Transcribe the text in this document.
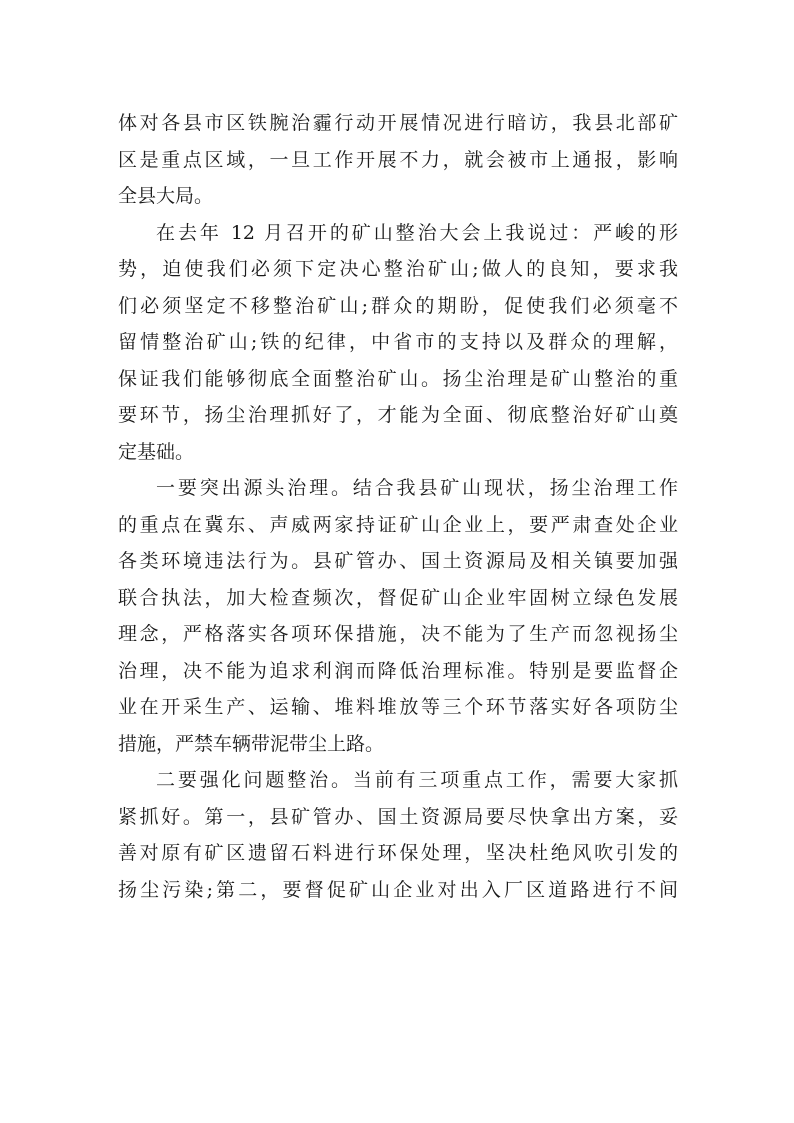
体对各县市区铁腕治霾行动开展情况进行暗访，我县北部矿
区是重点区域，一旦工作开展不力，就会被市上通报，影响
全县大局。
在去年 12 月召开的矿山整治大会上我说过：严峻的形
势，迫使我们必须下定决心整治矿山;做人的良知，要求我
们必须坚定不移整治矿山;群众的期盼，促使我们必须毫不
留情整治矿山;铁的纪律，中省市的支持以及群众的理解，
保证我们能够彻底全面整治矿山。扬尘治理是矿山整治的重
要环节，扬尘治理抓好了，才能为全面、彻底整治好矿山奠
定基础。
一要突出源头治理。结合我县矿山现状，扬尘治理工作
的重点在冀东、声威两家持证矿山企业上，要严肃查处企业
各类环境违法行为。县矿管办、国土资源局及相关镇要加强
联合执法，加大检查频次，督促矿山企业牢固树立绿色发展
理念，严格落实各项环保措施，决不能为了生产而忽视扬尘
治理，决不能为追求利润而降低治理标准。特别是要监督企
业在开采生产、运输、堆料堆放等三个环节落实好各项防尘
措施，严禁车辆带泥带尘上路。
二要强化问题整治。当前有三项重点工作，需要大家抓
紧抓好。第一，县矿管办、国土资源局要尽快拿出方案，妥
善对原有矿区遗留石料进行环保处理，坚决杜绝风吹引发的
扬尘污染;第二，要督促矿山企业对出入厂区道路进行不间
